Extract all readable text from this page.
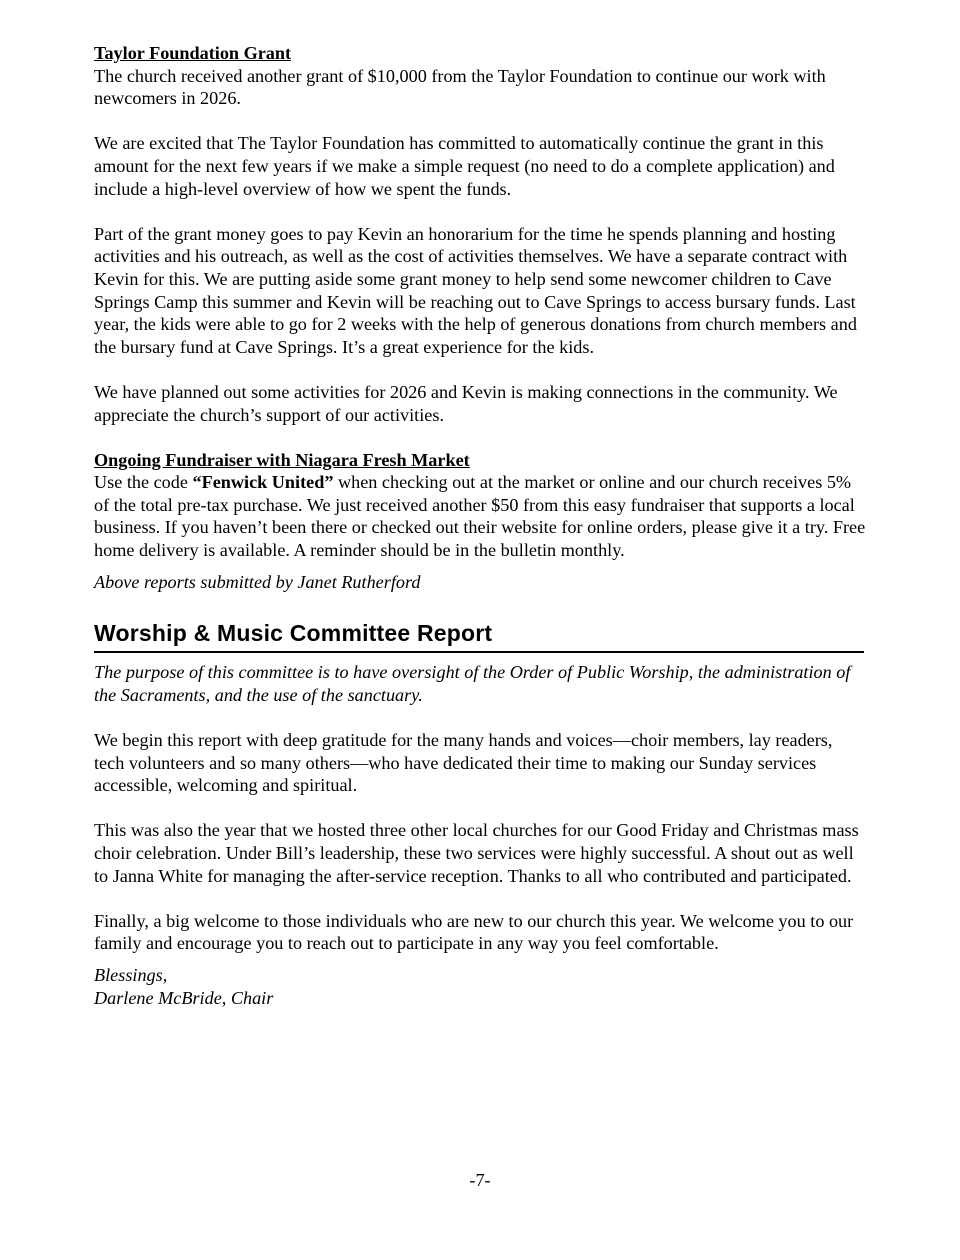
Taylor Foundation Grant

The church received another grant of $10,000 from the Taylor Foundation to continue our work with newcomers in 2026.

We are excited that The Taylor Foundation has committed to automatically continue the grant in this amount for the next few years if we make a simple request (no need to do a complete application) and include a high-level overview of how we spent the funds.

Part of the grant money goes to pay Kevin an honorarium for the time he spends planning and hosting activities and his outreach, as well as the cost of activities themselves. We have a separate contract with Kevin for this. We are putting aside some grant money to help send some newcomer children to Cave Springs Camp this summer and Kevin will be reaching out to Cave Springs to access bursary funds. Last year, the kids were able to go for 2 weeks with the help of generous donations from church members and the bursary fund at Cave Springs. It’s a great experience for the kids.

We have planned out some activities for 2026 and Kevin is making connections in the community. We appreciate the church’s support of our activities.

Ongoing Fundraiser with Niagara Fresh Market

Use the code “Fenwick United” when checking out at the market or online and our church receives 5% of the total pre-tax purchase. We just received another $50 from this easy fundraiser that supports a local business. If you haven’t been there or checked out their website for online orders, please give it a try. Free home delivery is available. A reminder should be in the bulletin monthly.

Above reports submitted by Janet Rutherford

Worship & Music Committee Report

The purpose of this committee is to have oversight of the Order of Public Worship, the administration of the Sacraments, and the use of the sanctuary.

We begin this report with deep gratitude for the many hands and voices—choir members, lay readers, tech volunteers and so many others—who have dedicated their time to making our Sunday services accessible, welcoming and spiritual.

This was also the year that we hosted three other local churches for our Good Friday and Christmas mass choir celebration. Under Bill’s leadership, these two services were highly successful. A shout out as well to Janna White for managing the after-service reception. Thanks to all who contributed and participated.

Finally, a big welcome to those individuals who are new to our church this year. We welcome you to our family and encourage you to reach out to participate in any way you feel comfortable.

Blessings,

Darlene McBride, Chair

-7-
